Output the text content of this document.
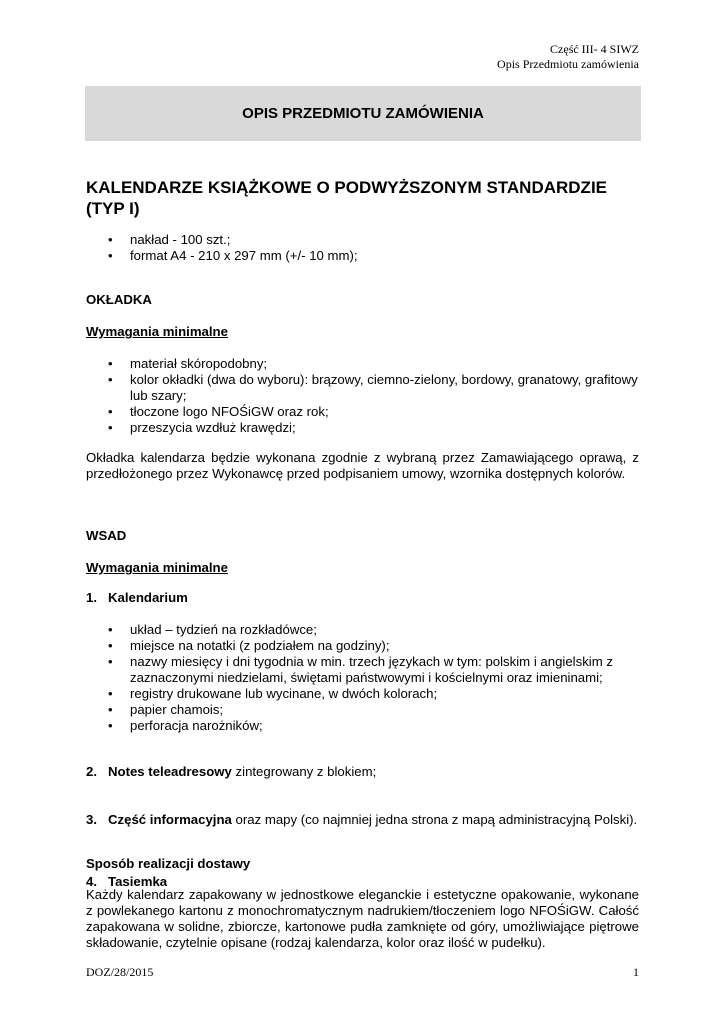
Część III- 4 SIWZ
Opis Przedmiotu zamówienia
OPIS PRZEDMIOTU ZAMÓWIENIA
KALENDARZE KSIĄŻKOWE O PODWYŻSZONYM STANDARDZIE (TYP I)
• nakład - 100 szt.;
• format A4 - 210 x 297 mm (+/- 10 mm);
OKŁADKA
Wymagania minimalne
• materiał skóropodobny;
• kolor okładki (dwa do wyboru): brązowy, ciemno-zielony, bordowy, granatowy, grafitowy lub szary;
• tłoczone logo NFOŚiGW oraz rok;
• przeszycia wzdłuż krawędzi;
Okładka kalendarza będzie wykonana zgodnie z wybraną przez Zamawiającego oprawą, z przedłożonego przez Wykonawcę przed podpisaniem umowy, wzornika dostępnych kolorów.
WSAD
Wymagania minimalne
1. Kalendarium
• układ – tydzień na rozkładówce;
• miejsce na notatki (z podziałem na godziny);
• nazwy miesięcy i dni tygodnia w min. trzech językach w tym: polskim i angielskim z zaznaczonymi niedzielami, świętami państwowymi i kościelnymi oraz imieninami;
• registry drukowane lub wycinane, w dwóch kolorach;
• papier chamois;
• perforacja narożników;
2. Notes teleadresowy zintegrowany z blokiem;
3. Część informacyjna oraz mapy (co najmniej jedna strona z mapą administracyjną Polski).
4. Tasiemka
Sposób realizacji dostawy
Każdy kalendarz zapakowany w jednostkowe eleganckie i estetyczne opakowanie, wykonane z powlekanego kartonu z monochromatycznym nadrukiem/tłoczeniem logo NFOŚiGW. Całość zapakowana w solidne, zbiorcze, kartonowe pudła zamknięte od góry, umożliwiające piętrowe składowanie, czytelnie opisane (rodzaj kalendarza, kolor oraz ilość w pudełku).
DOZ/28/2015	1
